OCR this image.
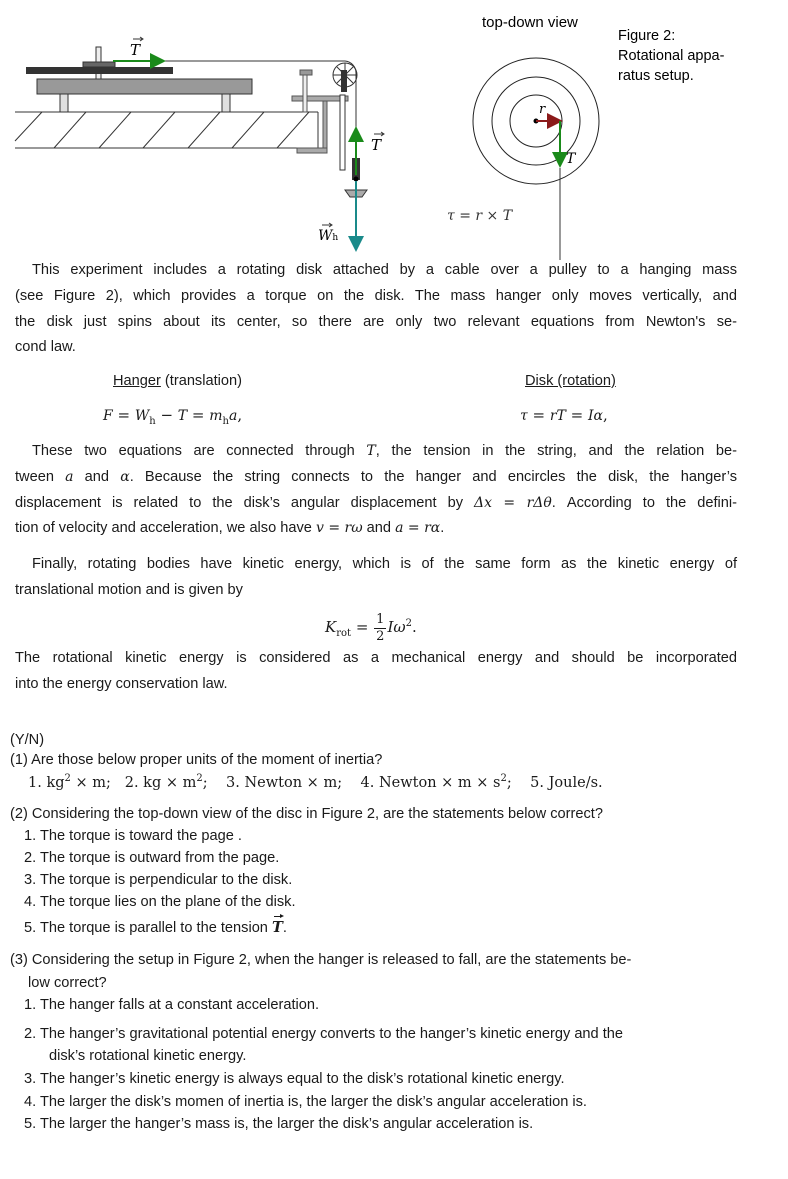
T
T
Wh
top-down view
r
T
τ = r × T
Figure 2:
Rotational appa-
ratus setup.
This experiment includes a rotating disk attached by a cable over a pulley to a hanging mass
(see Figure 2), which provides a torque on the disk. The mass hanger only moves vertically, and
the disk just spins about its center, so there are only two relevant equations from Newton's se-
cond law.
Hanger (translation)	Disk (rotation)
$F = W_h - T = m_ha$,	τ = rT = Iα,
These two equations are connected through T, the tension in the string, and the relation be-
tween a and α. Because the string connects to the hanger and encircles the disk, the hanger’s
displacement is related to the disk’s angular displacement by Δx = rΔθ. According to the defini-
tion of velocity and acceleration, we also have v = rω and a = rα.
Finally, rotating bodies have kinetic energy, which is of the same form as the kinetic energy of
translational motion and is given by
$K_{rot} = \frac{1}{2} I\omega^2$.
The rotational kinetic energy is considered as a mechanical energy and should be incorporated
into the energy conservation law.
(Y/N)
(1) Are those below proper units of the moment of inertia?
1. $kg^2 \times m$;   2. kg × $m^2$;    3. Newton × m;    4. Newton × $m \times s^2$;    5. Joule/s.
(2) Considering the top-down view of the disc in Figure 2, are the statements below correct?
1. The torque is toward the page .
2. The torque is outward from the page.
3. The torque is perpendicular to the disk.
4. The torque lies on the plane of the disk.
5. The torque is parallel to the tension
T.
(3) Considering the setup in Figure 2, when the hanger is released to fall, are the statements be-
low correct?
1. The hanger falls at a constant acceleration.
2. The hanger’s gravitational potential energy converts to the hanger’s kinetic energy and the
disk’s rotational kinetic energy.
3. The hanger’s kinetic energy is always equal to the disk’s rotational kinetic energy.
4. The larger the disk’s momen of inertia is, the larger the disk’s angular acceleration is.
5. The larger the hanger’s mass is, the larger the disk’s angular acceleration is.
